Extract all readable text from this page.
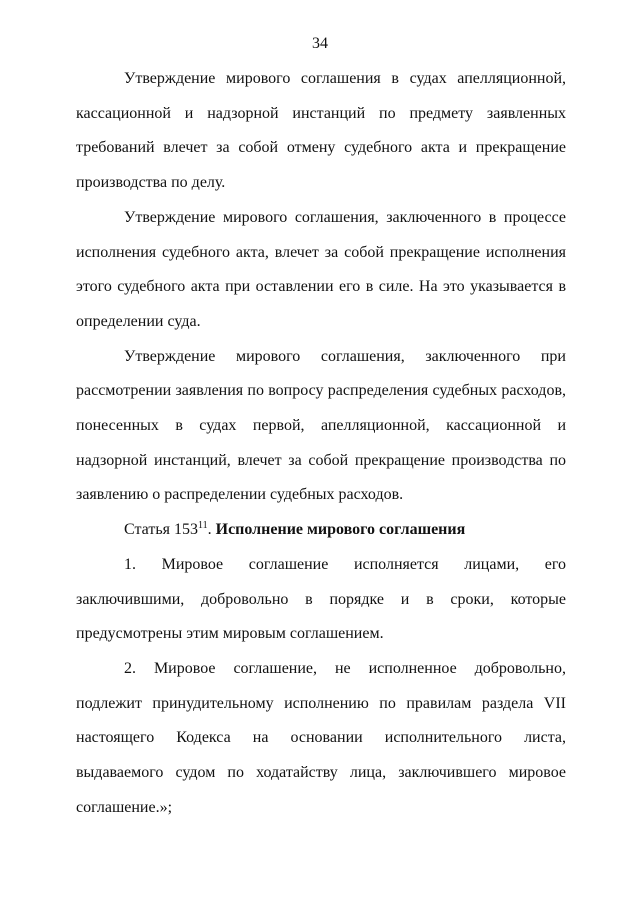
34

Утверждение мирового соглашения в судах апелляционной, кассационной и надзорной инстанций по предмету заявленных требований влечет за собой отмену судебного акта и прекращение производства по делу.

Утверждение мирового соглашения, заключенного в процессе исполнения судебного акта, влечет за собой прекращение исполнения этого судебного акта при оставлении его в силе. На это указывается в определении суда.

Утверждение мирового соглашения, заключенного при рассмотрении заявления по вопросу распределения судебных расходов, понесенных в судах первой, апелляционной, кассационной и надзорной инстанций, влечет за собой прекращение производства по заявлению о распределении судебных расходов.

Статья $153^{11}$. Исполнение мирового соглашения

1. Мировое соглашение исполняется лицами, его заключившими, добровольно в порядке и в сроки, которые предусмотрены этим мировым соглашением.

2. Мировое соглашение, не исполненное добровольно, подлежит принудительному исполнению по правилам раздела VII настоящего Кодекса на основании исполнительного листа, выдаваемого судом по ходатайству лица, заключившего мировое соглашение.»;
